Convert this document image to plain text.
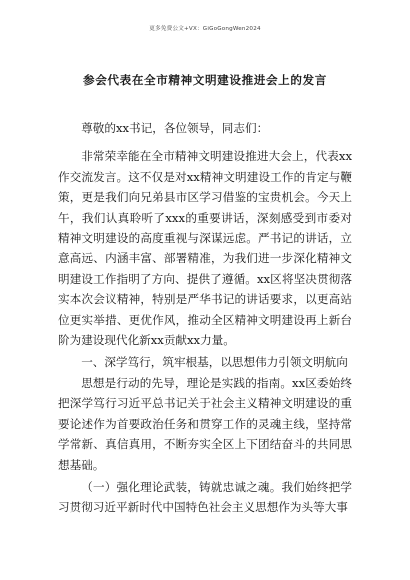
更多免费公文+VX：GiGoGongWen2024
参会代表在全市精神文明建设推进会上的发言

尊敬的xx书记，各位领导，同志们：

非常荣幸能在全市精神文明建设推进大会上，代表xx作交流发言。这不仅是对xx精神文明建设工作的肯定与鞭策，更是我们向兄弟县市区学习借鉴的宝贵机会。今天上午，我们认真聆听了xxx的重要讲话，深刻感受到市委对精神文明建设的高度重视与深谋远虑。严书记的讲话，立意高远、内涵丰富、部署精准，为我们进一步深化精神文明建设工作指明了方向、提供了遵循。xx区将坚决贯彻落实本次会议精神，特别是严华书记的讲话要求，以更高站位更实举措、更优作风，推动全区精神文明建设再上新台阶为建设现代化新xx贡献xx力量。

一、深学笃行，筑牢根基，以思想伟力引领文明航向

思想是行动的先导，理论是实践的指南。xx区委始终把深学笃行习近平总书记关于社会主义精神文明建设的重要论述作为首要政治任务和贯穿工作的灵魂主线，坚持常学常新、真信真用，不断夯实全区上下团结奋斗的共同思想基础。

（一）强化理论武装，铸就忠诚之魂。我们始终把学习贯彻习近平新时代中国特色社会主义思想作为头等大事
